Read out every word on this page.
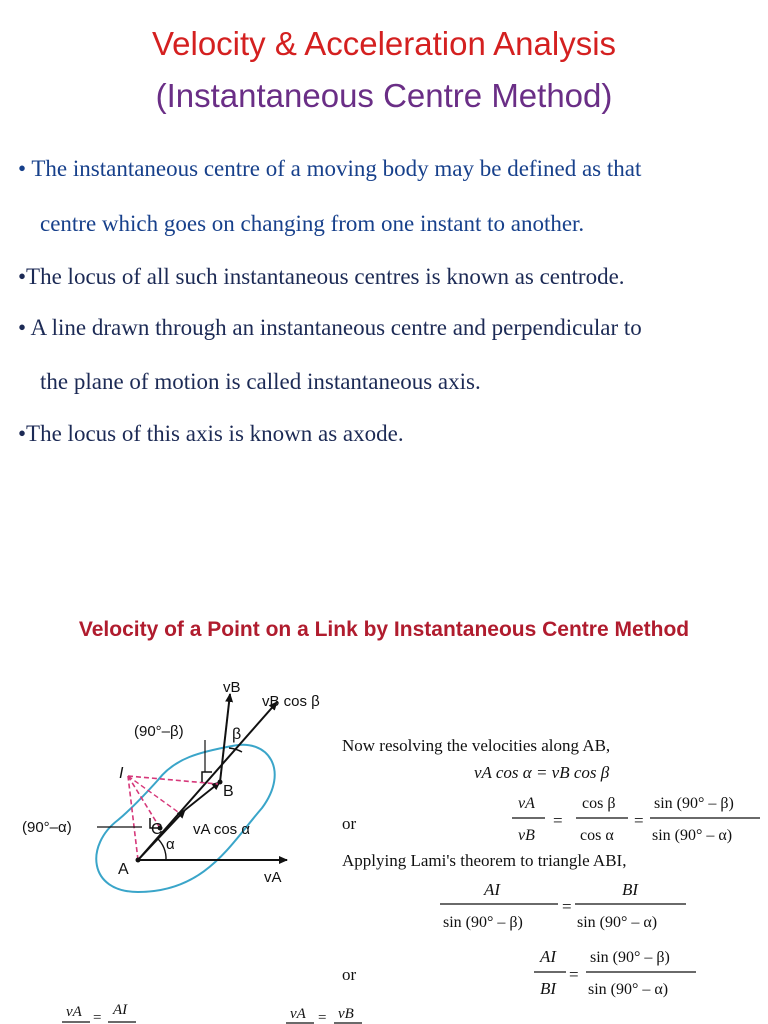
Velocity & Acceleration Analysis
(Instantaneous Centre Method)
• The instantaneous centre of a moving body may be defined as that
centre which goes on changing from one instant to another.
•The locus of all such instantaneous centres is known as centrode.
• A line drawn through an instantaneous centre and perpendicular to
the plane of motion is called instantaneous axis.
•The locus of this axis is known as axode.
Velocity of a Point on a Link by Instantaneous Centre Method
vB
vB cos β
(90°–β)	β
I
B
(90°–α)	C vA cos α
α
A	vA
Now resolving the velocities along AB,
vA cos α = vB cos β
or
vA
vB
=
cos β
cos α
=
sin (90° – β)
sin (90° – α)
Applying Lami's theorem to triangle ABI,
AI
sin (90° – β)
=
BI
sin (90° – α)
or
AI
BI
=
sin (90° – β)
sin (90° – α)
vA = AI	vA = vB
